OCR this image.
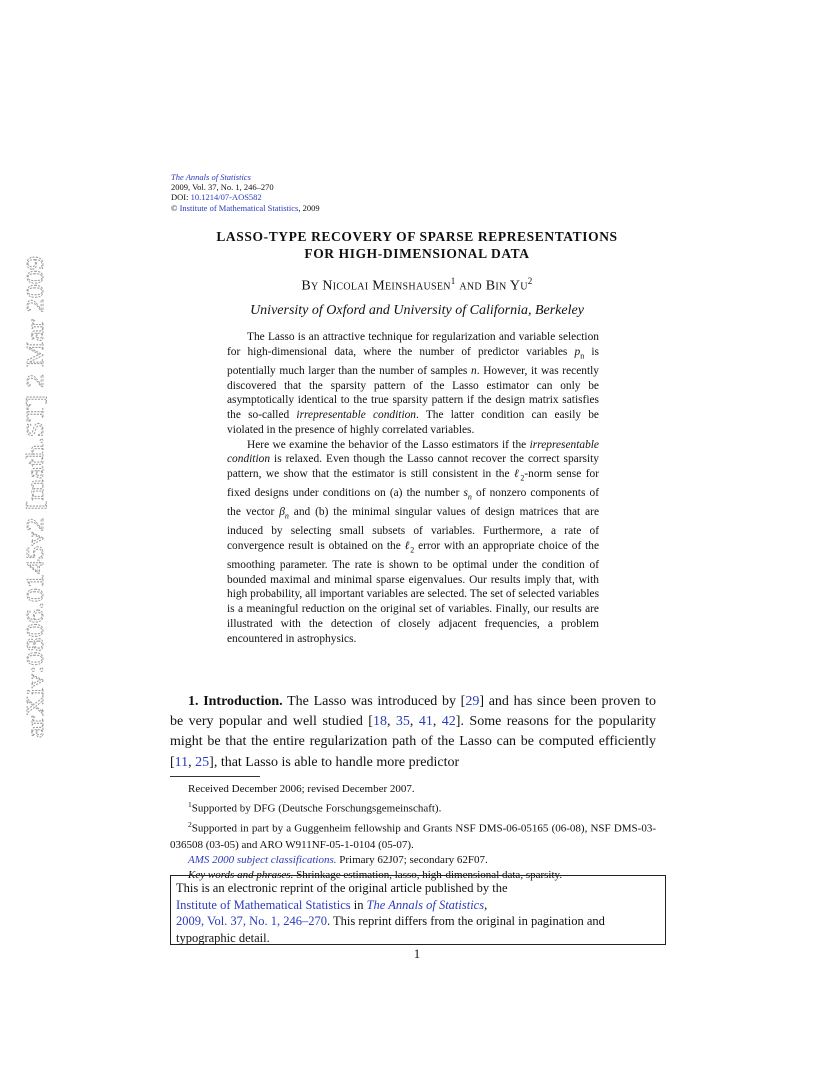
arXiv:0806.0145v2 [math.ST] 2 Mar 2009
The Annals of Statistics
2009, Vol. 37, No. 1, 246–270
DOI: 10.1214/07-AOS582
© Institute of Mathematical Statistics, 2009
LASSO-TYPE RECOVERY OF SPARSE REPRESENTATIONS
FOR HIGH-DIMENSIONAL DATA
By Nicolai Meinshausen$^1$ and Bin Yu$^2$
University of Oxford and University of California, Berkeley

The Lasso is an attractive technique for regularization and variable selection for high-dimensional data, where the number of predictor variables $p_n$ is potentially much larger than the number of samples n. However, it was recently discovered that the sparsity pattern of the Lasso estimator can only be asymptotically identical to the true sparsity pattern if the design matrix satisfies the so-called irrepresentable condition. The latter condition can easily be violated in the presence of highly correlated variables.

Here we examine the behavior of the Lasso estimators if the irrepresentable condition is relaxed. Even though the Lasso cannot recover the correct sparsity pattern, we show that the estimator is still consistent in the ℓ$_2$-norm sense for fixed designs under conditions on (a) the number $s_n$ of nonzero components of the vector $\beta_n$ and (b) the minimal singular values of design matrices that are induced by selecting small subsets of variables. Furthermore, a rate of convergence result is obtained on the ℓ$_2$ error with an appropriate choice of the smoothing parameter. The rate is shown to be optimal under the condition of bounded maximal and minimal sparse eigenvalues. Our results imply that, with high probability, all important variables are selected. The set of selected variables is a meaningful reduction on the original set of variables. Finally, our results are illustrated with the detection of closely adjacent frequencies, a problem encountered in astrophysics.

1. Introduction. The Lasso was introduced by [29] and has since been proven to be very popular and well studied [18, 35, 41, 42]. Some reasons for the popularity might be that the entire regularization path of the Lasso can be computed efficiently [11, 25], that Lasso is able to handle more predictor

Received December 2006; revised December 2007.

$^1$Supported by DFG (Deutsche Forschungsgemeinschaft).

$^2$Supported in part by a Guggenheim fellowship and Grants NSF DMS-06-05165 (06-08), NSF DMS-03-036508 (03-05) and ARO W911NF-05-1-0104 (05-07).

AMS 2000 subject classifications. Primary 62J07; secondary 62F07.

Key words and phrases. Shrinkage estimation, lasso, high-dimensional data, sparsity.

This is an electronic reprint of the original article published by the
Institute of Mathematical Statistics in The Annals of Statistics,
2009, Vol. 37, No. 1, 246–270. This reprint differs from the original in pagination and typographic detail.
1
